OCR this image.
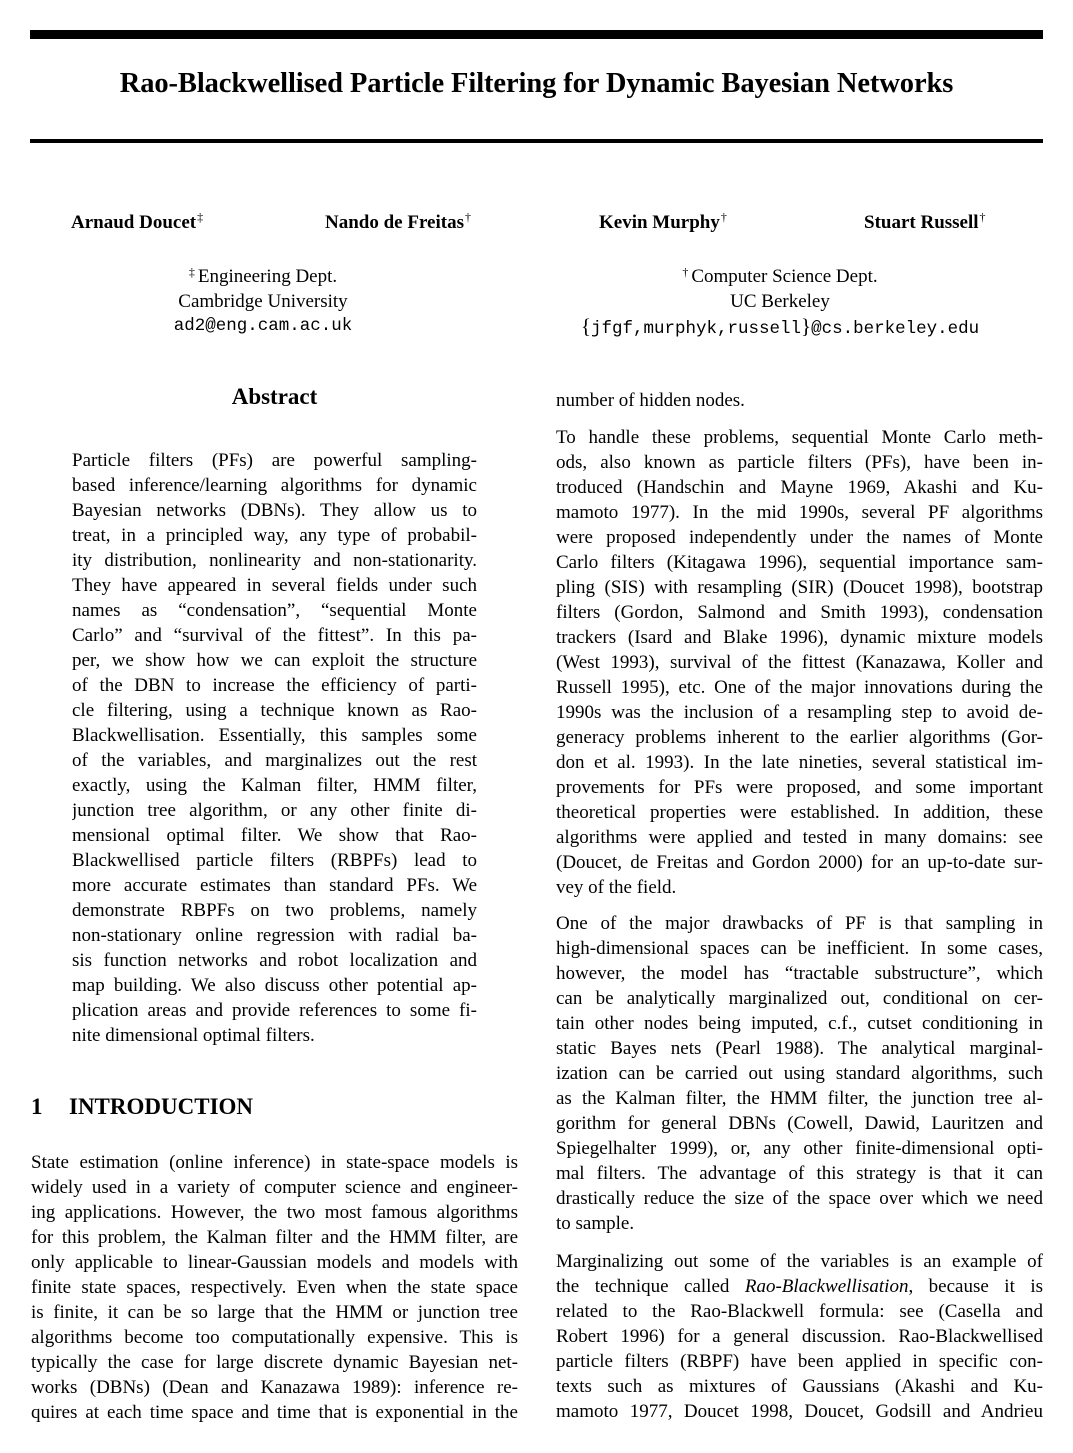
Rao-Blackwellised Particle Filtering for Dynamic Bayesian Networks
Arnaud Doucet‡	Nando de Freitas†	Kevin Murphy†	Stuart Russell†
‡ Engineering Dept.
Cambridge University
ad2@eng.cam.ac.uk
† Computer Science Dept.
UC Berkeley
{jfgf,murphyk,russell}@cs.berkeley.edu
Abstract
Particle filters (PFs) are powerful sampling-
based inference/learning algorithms for dynamic
Bayesian networks (DBNs). They allow us to
treat, in a principled way, any type of probabil-
ity distribution, nonlinearity and non-stationarity.
They have appeared in several fields under such
names as “condensation”, “sequential Monte
Carlo” and “survival of the fittest”. In this pa-
per, we show how we can exploit the structure
of the DBN to increase the efficiency of parti-
cle filtering, using a technique known as Rao-
Blackwellisation. Essentially, this samples some
of the variables, and marginalizes out the rest
exactly, using the Kalman filter, HMM filter,
junction tree algorithm, or any other finite di-
mensional optimal filter. We show that Rao-
Blackwellised particle filters (RBPFs) lead to
more accurate estimates than standard PFs. We
demonstrate RBPFs on two problems, namely
non-stationary online regression with radial ba-
sis function networks and robot localization and
map building. We also discuss other potential ap-
plication areas and provide references to some fi-
nite dimensional optimal filters.
1 INTRODUCTION
State estimation (online inference) in state-space models is
widely used in a variety of computer science and engineer-
ing applications. However, the two most famous algorithms
for this problem, the Kalman filter and the HMM filter, are
only applicable to linear-Gaussian models and models with
finite state spaces, respectively. Even when the state space
is finite, it can be so large that the HMM or junction tree
algorithms become too computationally expensive. This is
typically the case for large discrete dynamic Bayesian net-
works (DBNs) (Dean and Kanazawa 1989): inference re-
quires at each time space and time that is exponential in the
number of hidden nodes.
To handle these problems, sequential Monte Carlo meth-
ods, also known as particle filters (PFs), have been in-
troduced (Handschin and Mayne 1969, Akashi and Ku-
mamoto 1977). In the mid 1990s, several PF algorithms
were proposed independently under the names of Monte
Carlo filters (Kitagawa 1996), sequential importance sam-
pling (SIS) with resampling (SIR) (Doucet 1998), bootstrap
filters (Gordon, Salmond and Smith 1993), condensation
trackers (Isard and Blake 1996), dynamic mixture models
(West 1993), survival of the fittest (Kanazawa, Koller and
Russell 1995), etc. One of the major innovations during the
1990s was the inclusion of a resampling step to avoid de-
generacy problems inherent to the earlier algorithms (Gor-
don et al. 1993). In the late nineties, several statistical im-
provements for PFs were proposed, and some important
theoretical properties were established. In addition, these
algorithms were applied and tested in many domains: see
(Doucet, de Freitas and Gordon 2000) for an up-to-date sur-
vey of the field.
One of the major drawbacks of PF is that sampling in
high-dimensional spaces can be inefficient. In some cases,
however, the model has “tractable substructure”, which
can be analytically marginalized out, conditional on cer-
tain other nodes being imputed, c.f., cutset conditioning in
static Bayes nets (Pearl 1988). The analytical marginal-
ization can be carried out using standard algorithms, such
as the Kalman filter, the HMM filter, the junction tree al-
gorithm for general DBNs (Cowell, Dawid, Lauritzen and
Spiegelhalter 1999), or, any other finite-dimensional opti-
mal filters. The advantage of this strategy is that it can
drastically reduce the size of the space over which we need
to sample.
Marginalizing out some of the variables is an example of
the technique called Rao-Blackwellisation, because it is
related to the Rao-Blackwell formula: see (Casella and
Robert 1996) for a general discussion. Rao-Blackwellised
particle filters (RBPF) have been applied in specific con-
texts such as mixtures of Gaussians (Akashi and Ku-
mamoto 1977, Doucet 1998, Doucet, Godsill and Andrieu
